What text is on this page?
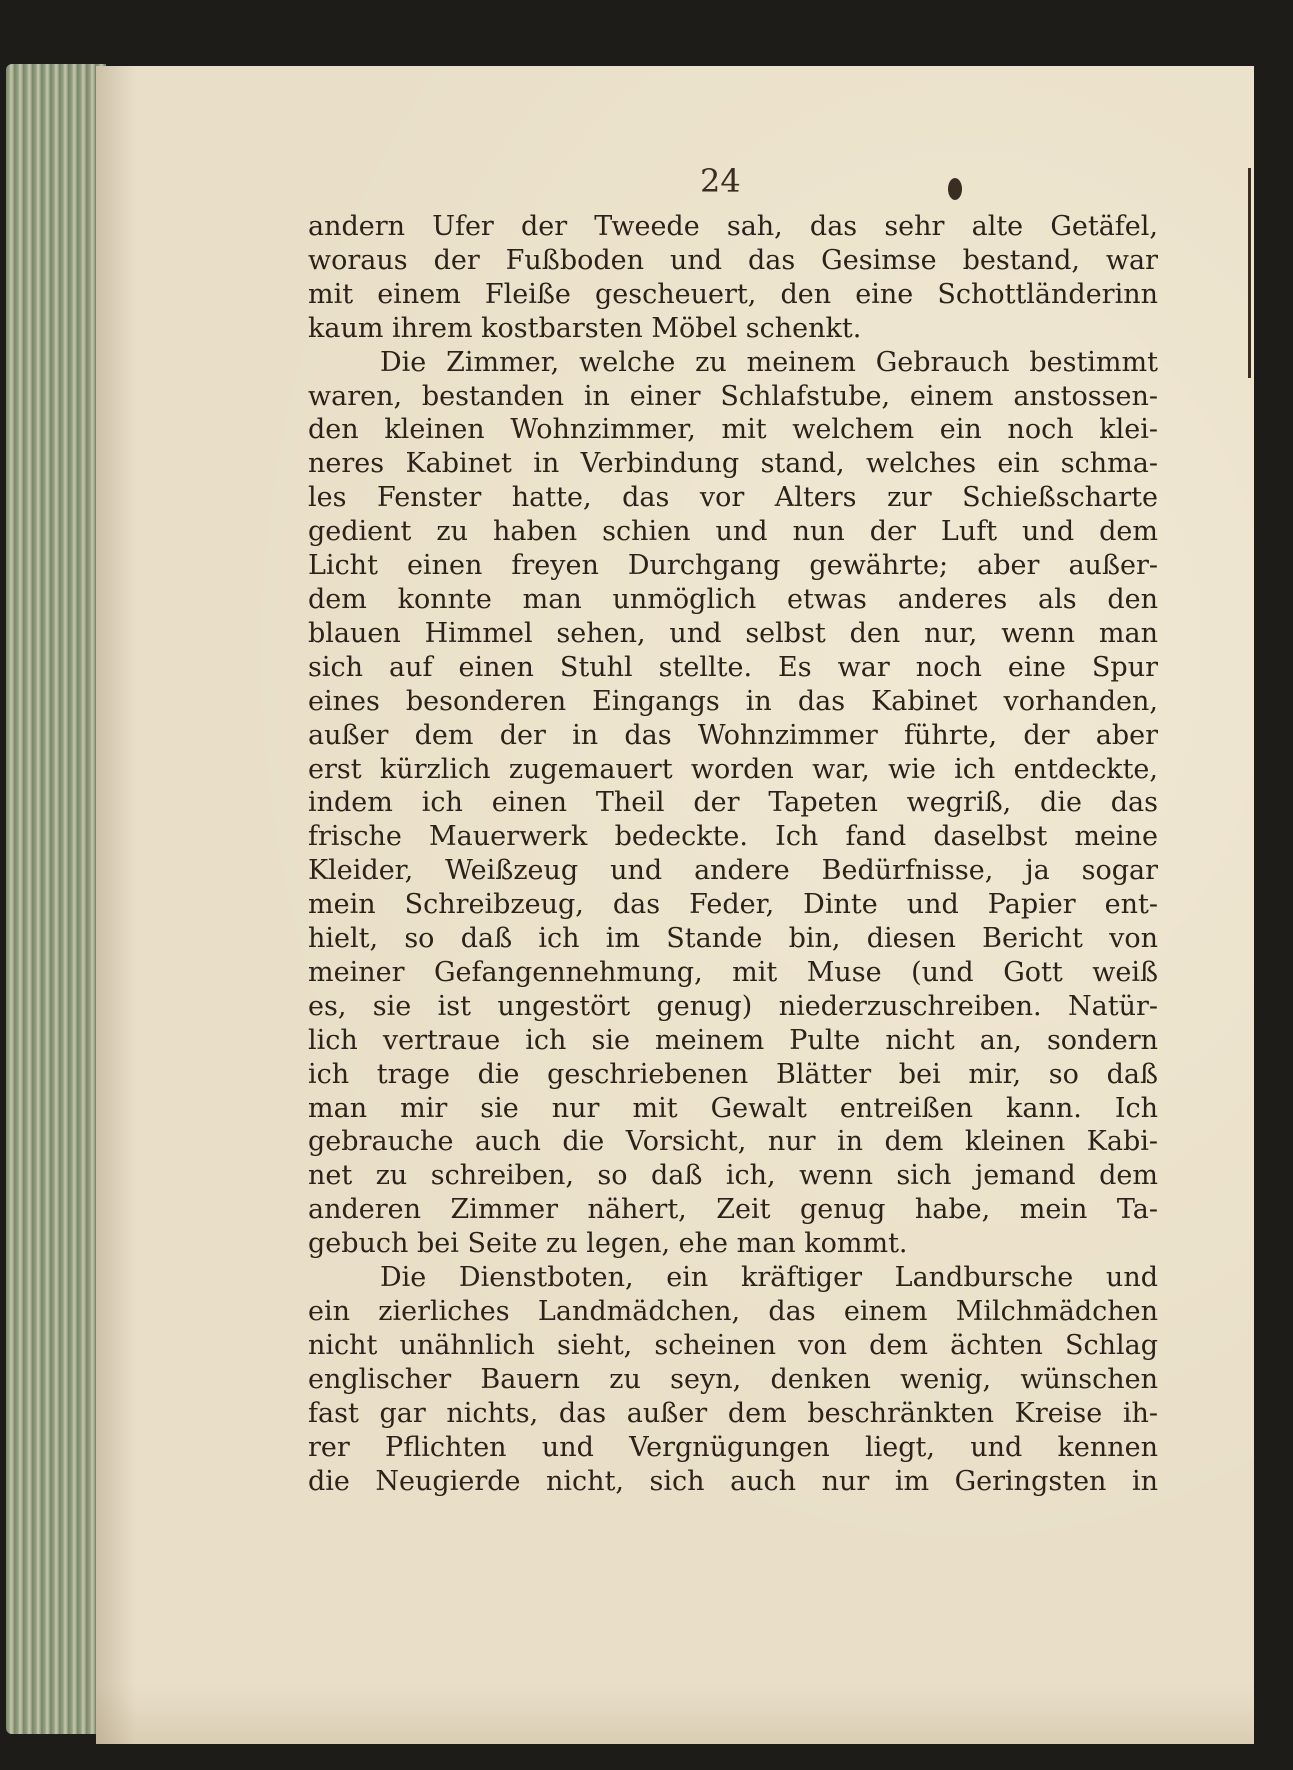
24
andern Ufer der Tweede sah, das sehr alte Getäfel,
woraus der Fußboden und das Gesimse bestand, war
mit einem Fleiße gescheuert, den eine Schottländerinn
kaum ihrem kostbarsten Möbel schenkt.
Die Zimmer, welche zu meinem Gebrauch bestimmt
waren, bestanden in einer Schlafstube, einem anstossen-
den kleinen Wohnzimmer, mit welchem ein noch klei-
neres Kabinet in Verbindung stand, welches ein schma-
les Fenster hatte, das vor Alters zur Schießscharte
gedient zu haben schien und nun der Luft und dem
Licht einen freyen Durchgang gewährte; aber außer-
dem konnte man unmöglich etwas anderes als den
blauen Himmel sehen, und selbst den nur, wenn man
sich auf einen Stuhl stellte. Es war noch eine Spur
eines besonderen Eingangs in das Kabinet vorhanden,
außer dem der in das Wohnzimmer führte, der aber
erst kürzlich zugemauert worden war, wie ich entdeckte,
indem ich einen Theil der Tapeten wegriß, die das
frische Mauerwerk bedeckte. Ich fand daselbst meine
Kleider, Weißzeug und andere Bedürfnisse, ja sogar
mein Schreibzeug, das Feder, Dinte und Papier ent-
hielt, so daß ich im Stande bin, diesen Bericht von
meiner Gefangennehmung, mit Muse (und Gott weiß
es, sie ist ungestört genug) niederzuschreiben. Natür-
lich vertraue ich sie meinem Pulte nicht an, sondern
ich trage die geschriebenen Blätter bei mir, so daß
man mir sie nur mit Gewalt entreißen kann. Ich
gebrauche auch die Vorsicht, nur in dem kleinen Kabi-
net zu schreiben, so daß ich, wenn sich jemand dem
anderen Zimmer nähert, Zeit genug habe, mein Ta-
gebuch bei Seite zu legen, ehe man kommt.
Die Dienstboten, ein kräftiger Landbursche und
ein zierliches Landmädchen, das einem Milchmädchen
nicht unähnlich sieht, scheinen von dem ächten Schlag
englischer Bauern zu seyn, denken wenig, wünschen
fast gar nichts, das außer dem beschränkten Kreise ih-
rer Pflichten und Vergnügungen liegt, und kennen
die Neugierde nicht, sich auch nur im Geringsten in
